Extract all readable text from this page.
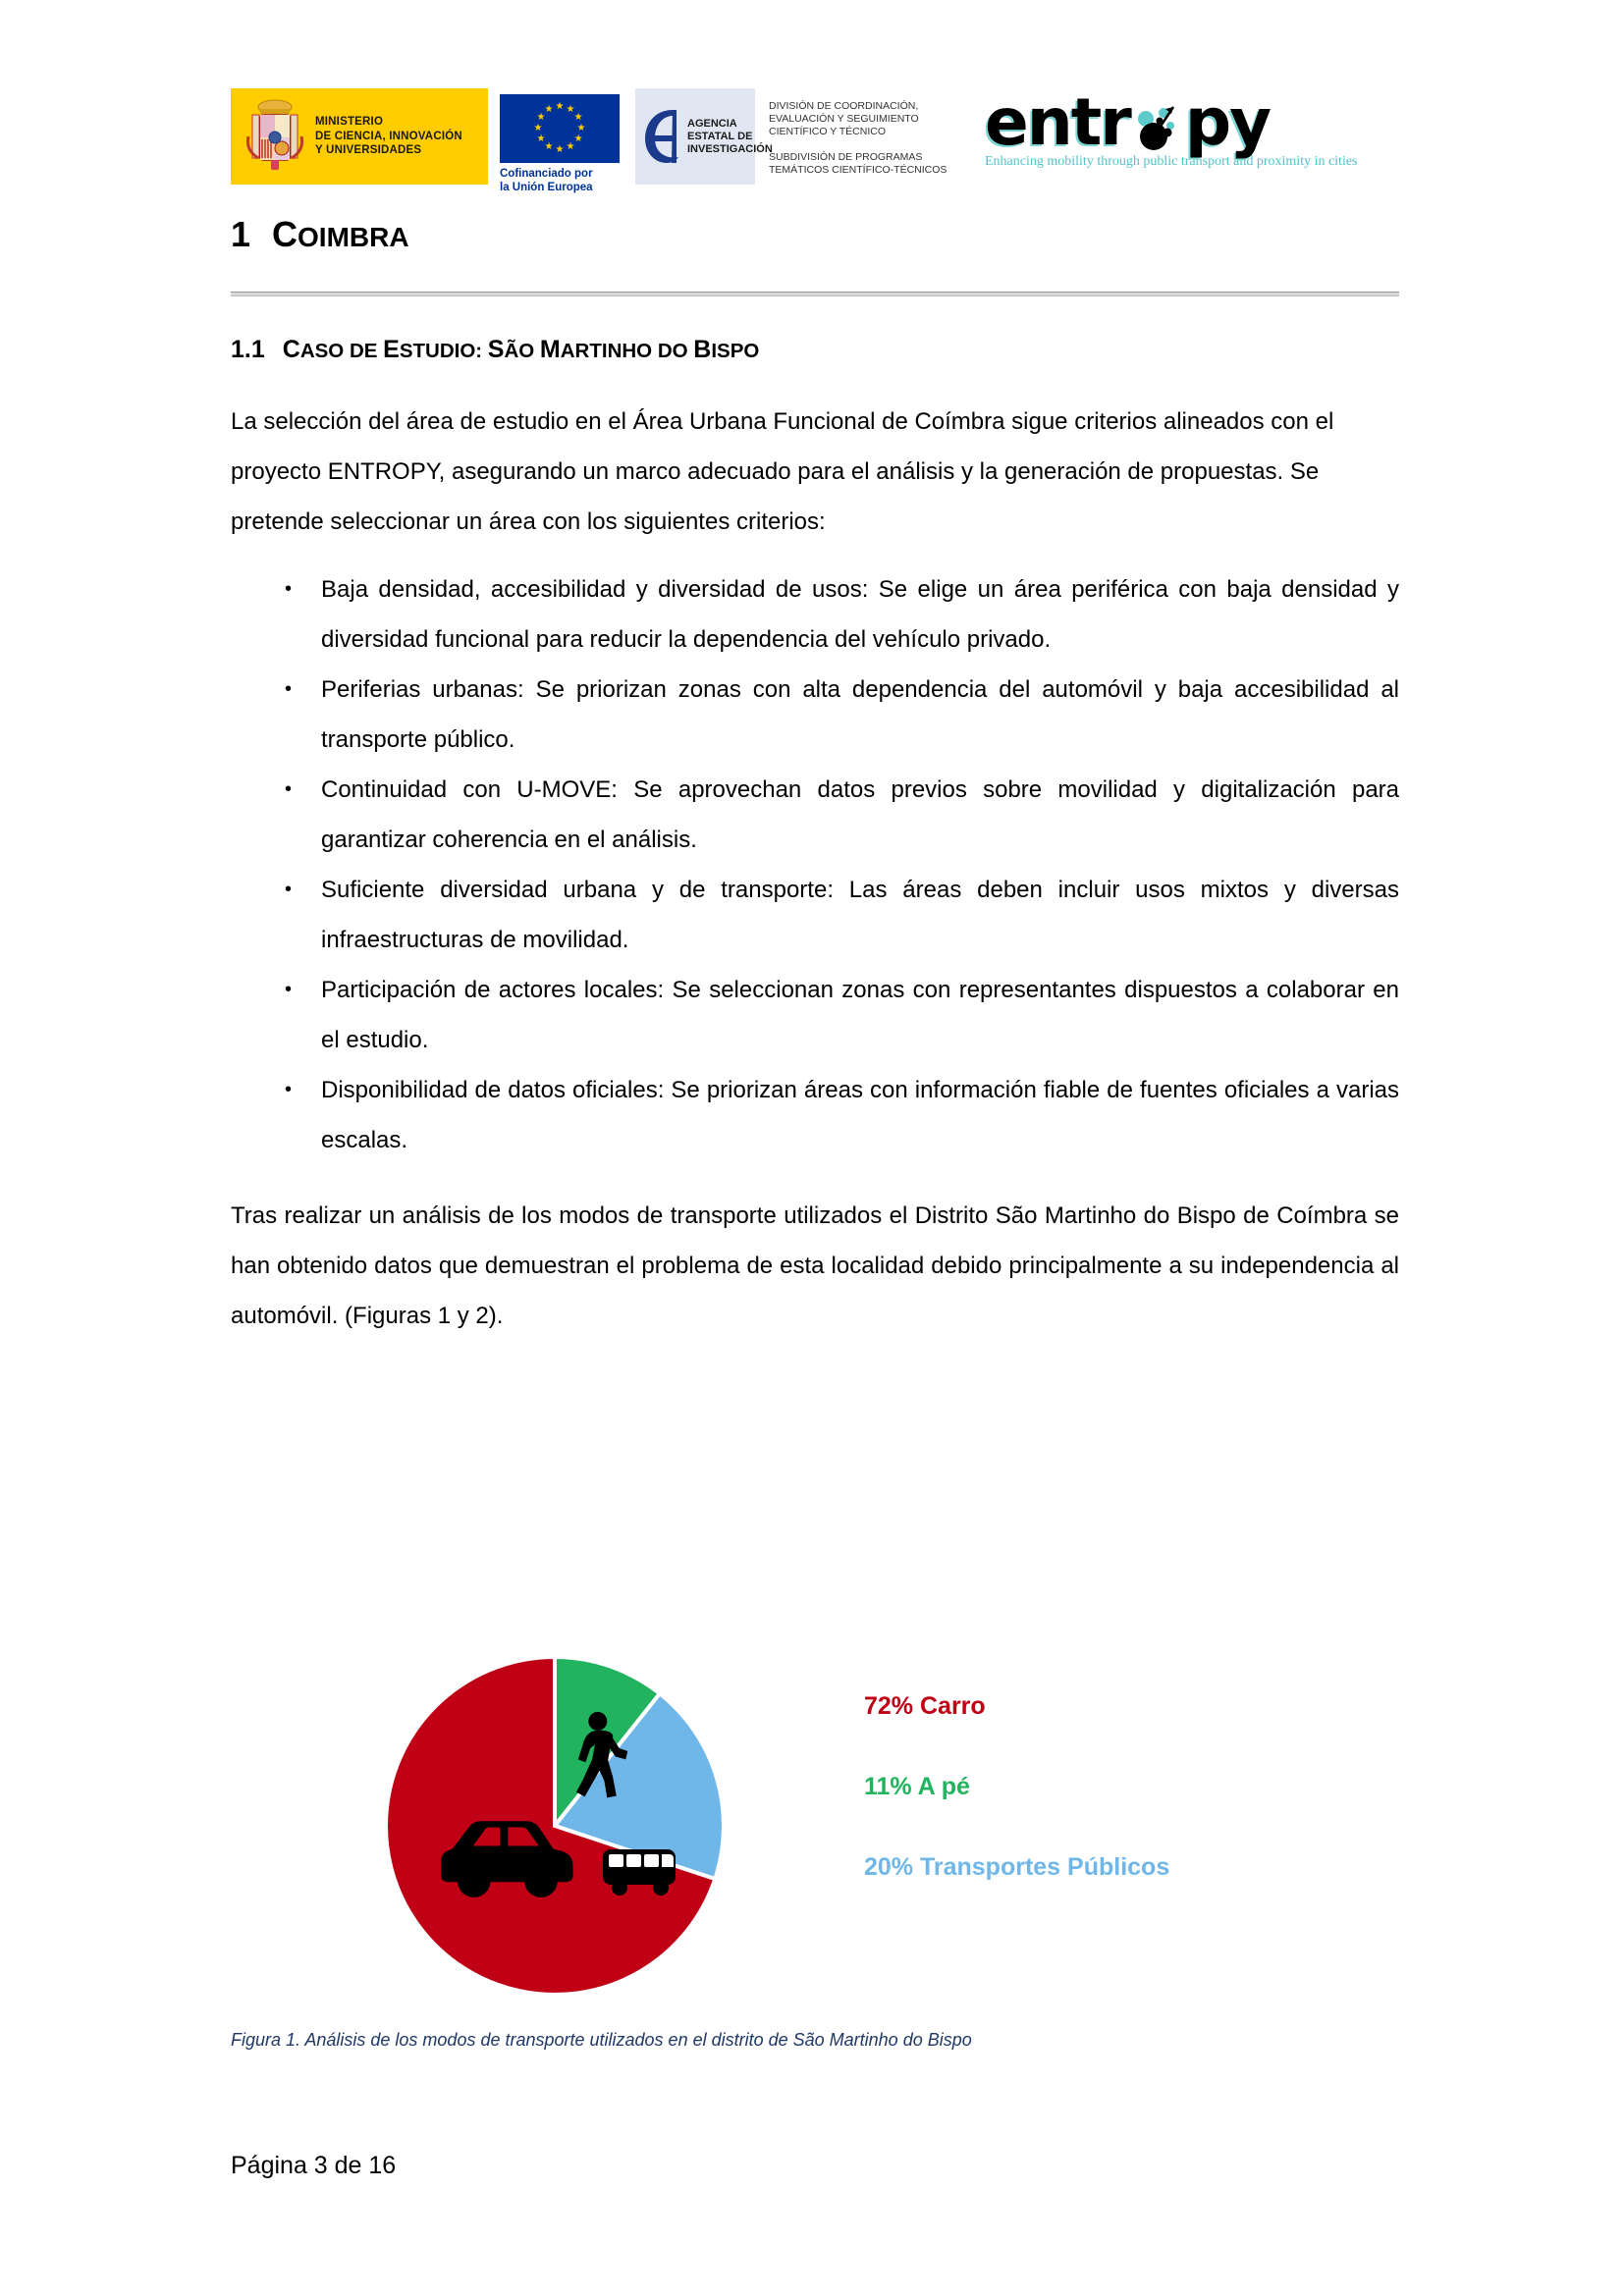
MINISTERIO
DE CIENCIA, INNOVACIÓN
Y UNIVERSIDADES
★ ★
★
★
★
★
★
★
★
★
★
★
Cofinanciado por
la Unión Europea
AGENCIA
ESTATAL DE
INVESTIGACIÓN
DIVISIÓN DE COORDINACIÓN,
EVALUACIÓN Y SEGUIMIENTO
CIENTÍFICO Y TÉCNICO
SUBDIVISIÓN DE PROGRAMAS
TEMÁTICOS CIENTÍFICO-TÉCNICOS
entr py
Enhancing mobility through public transport and proximity in cities
1 COIMBRA
1.1 CASO DE ESTUDIO: SÃO MARTINHO DO BISPO

La selección del área de estudio en el Área Urbana Funcional de Coímbra sigue criterios alineados con el proyecto ENTROPY, asegurando un marco adecuado para el análisis y la generación de propuestas. Se pretende seleccionar un área con los siguientes criterios:

• Baja densidad, accesibilidad y diversidad de usos: Se elige un área periférica con baja densidad y diversidad funcional para reducir la dependencia del vehículo privado.
• Periferias urbanas: Se priorizan zonas con alta dependencia del automóvil y baja accesibilidad al transporte público.
• Continuidad con U-MOVE: Se aprovechan datos previos sobre movilidad y digitalización para garantizar coherencia en el análisis.
• Suficiente diversidad urbana y de transporte: Las áreas deben incluir usos mixtos y diversas infraestructuras de movilidad.
• Participación de actores locales: Se seleccionan zonas con representantes dispuestos a colaborar en el estudio.
• Disponibilidad de datos oficiales: Se priorizan áreas con información fiable de fuentes oficiales a varias escalas.

Tras realizar un análisis de los modos de transporte utilizados el Distrito São Martinho do Bispo de Coímbra se han obtenido datos que demuestran el problema de esta localidad debido principalmente a su independencia al automóvil. (Figuras 1 y 2).

72% Carro
11% A pé
20% Transportes Públicos
Figura 1. Análisis de los modos de transporte utilizados en el distrito de São Martinho do Bispo
Página 3 de 16
